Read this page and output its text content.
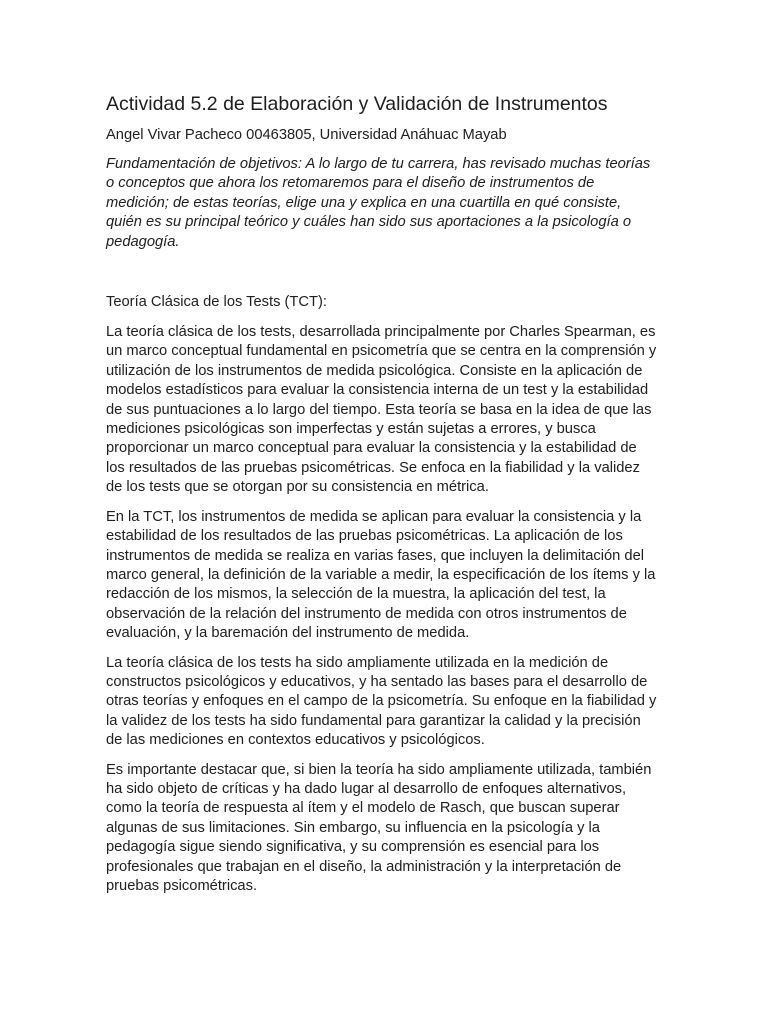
Actividad 5.2 de Elaboración y Validación de Instrumentos

Angel Vivar Pacheco 00463805, Universidad Anáhuac Mayab

Fundamentación de objetivos: A lo largo de tu carrera, has revisado muchas teorías o conceptos que ahora los retomaremos para el diseño de instrumentos de medición; de estas teorías, elige una y explica en una cuartilla en qué consiste, quién es su principal teórico y cuáles han sido sus aportaciones a la psicología o pedagogía.

Teoría Clásica de los Tests (TCT):

La teoría clásica de los tests, desarrollada principalmente por Charles Spearman, es un marco conceptual fundamental en psicometría que se centra en la comprensión y utilización de los instrumentos de medida psicológica. Consiste en la aplicación de modelos estadísticos para evaluar la consistencia interna de un test y la estabilidad de sus puntuaciones a lo largo del tiempo. Esta teoría se basa en la idea de que las mediciones psicológicas son imperfectas y están sujetas a errores, y busca proporcionar un marco conceptual para evaluar la consistencia y la estabilidad de los resultados de las pruebas psicométricas. Se enfoca en la fiabilidad y la validez de los tests que se otorgan por su consistencia en métrica.

En la TCT, los instrumentos de medida se aplican para evaluar la consistencia y la estabilidad de los resultados de las pruebas psicométricas. La aplicación de los instrumentos de medida se realiza en varias fases, que incluyen la delimitación del marco general, la definición de la variable a medir, la especificación de los ítems y la redacción de los mismos, la selección de la muestra, la aplicación del test, la observación de la relación del instrumento de medida con otros instrumentos de evaluación, y la baremación del instrumento de medida.

La teoría clásica de los tests ha sido ampliamente utilizada en la medición de constructos psicológicos y educativos, y ha sentado las bases para el desarrollo de otras teorías y enfoques en el campo de la psicometría. Su enfoque en la fiabilidad y la validez de los tests ha sido fundamental para garantizar la calidad y la precisión de las mediciones en contextos educativos y psicológicos.

Es importante destacar que, si bien la teoría ha sido ampliamente utilizada, también ha sido objeto de críticas y ha dado lugar al desarrollo de enfoques alternativos, como la teoría de respuesta al ítem y el modelo de Rasch, que buscan superar algunas de sus limitaciones. Sin embargo, su influencia en la psicología y la pedagogía sigue siendo significativa, y su comprensión es esencial para los profesionales que trabajan en el diseño, la administración y la interpretación de pruebas psicométricas.
